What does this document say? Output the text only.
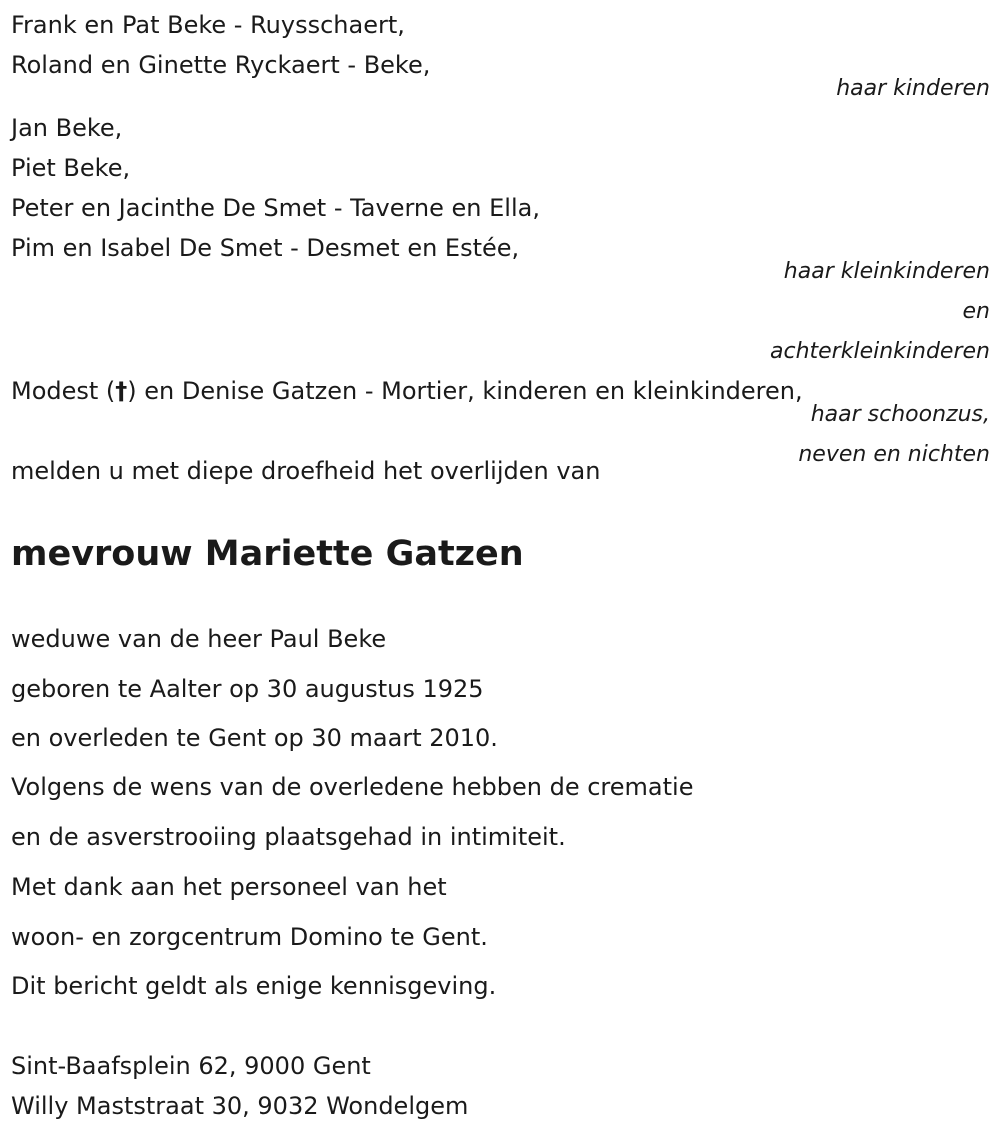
Frank en Pat Beke - Ruysschaert,
Roland en Ginette Ryckaert - Beke,
haar kinderen
Jan Beke,
Piet Beke,
Peter en Jacinthe De Smet - Taverne en Ella,
Pim en Isabel De Smet - Desmet en Estée,
haar kleinkinderen
en
achterkleinkinderen
Modest (†) en Denise Gatzen - Mortier, kinderen en kleinkinderen,
haar schoonzus,
neven en nichten
melden u met diepe droefheid het overlijden van
mevrouw Mariette Gatzen
weduwe van de heer Paul Beke
geboren te Aalter op 30 augustus 1925
en overleden te Gent op 30 maart 2010.
Volgens de wens van de overledene hebben de crematie
en de asverstrooiing plaatsgehad in intimiteit.
Met dank aan het personeel van het
woon- en zorgcentrum Domino te Gent.
Dit bericht geldt als enige kennisgeving.
Sint-Baafsplein 62, 9000 Gent
Willy Maststraat 30, 9032 Wondelgem
